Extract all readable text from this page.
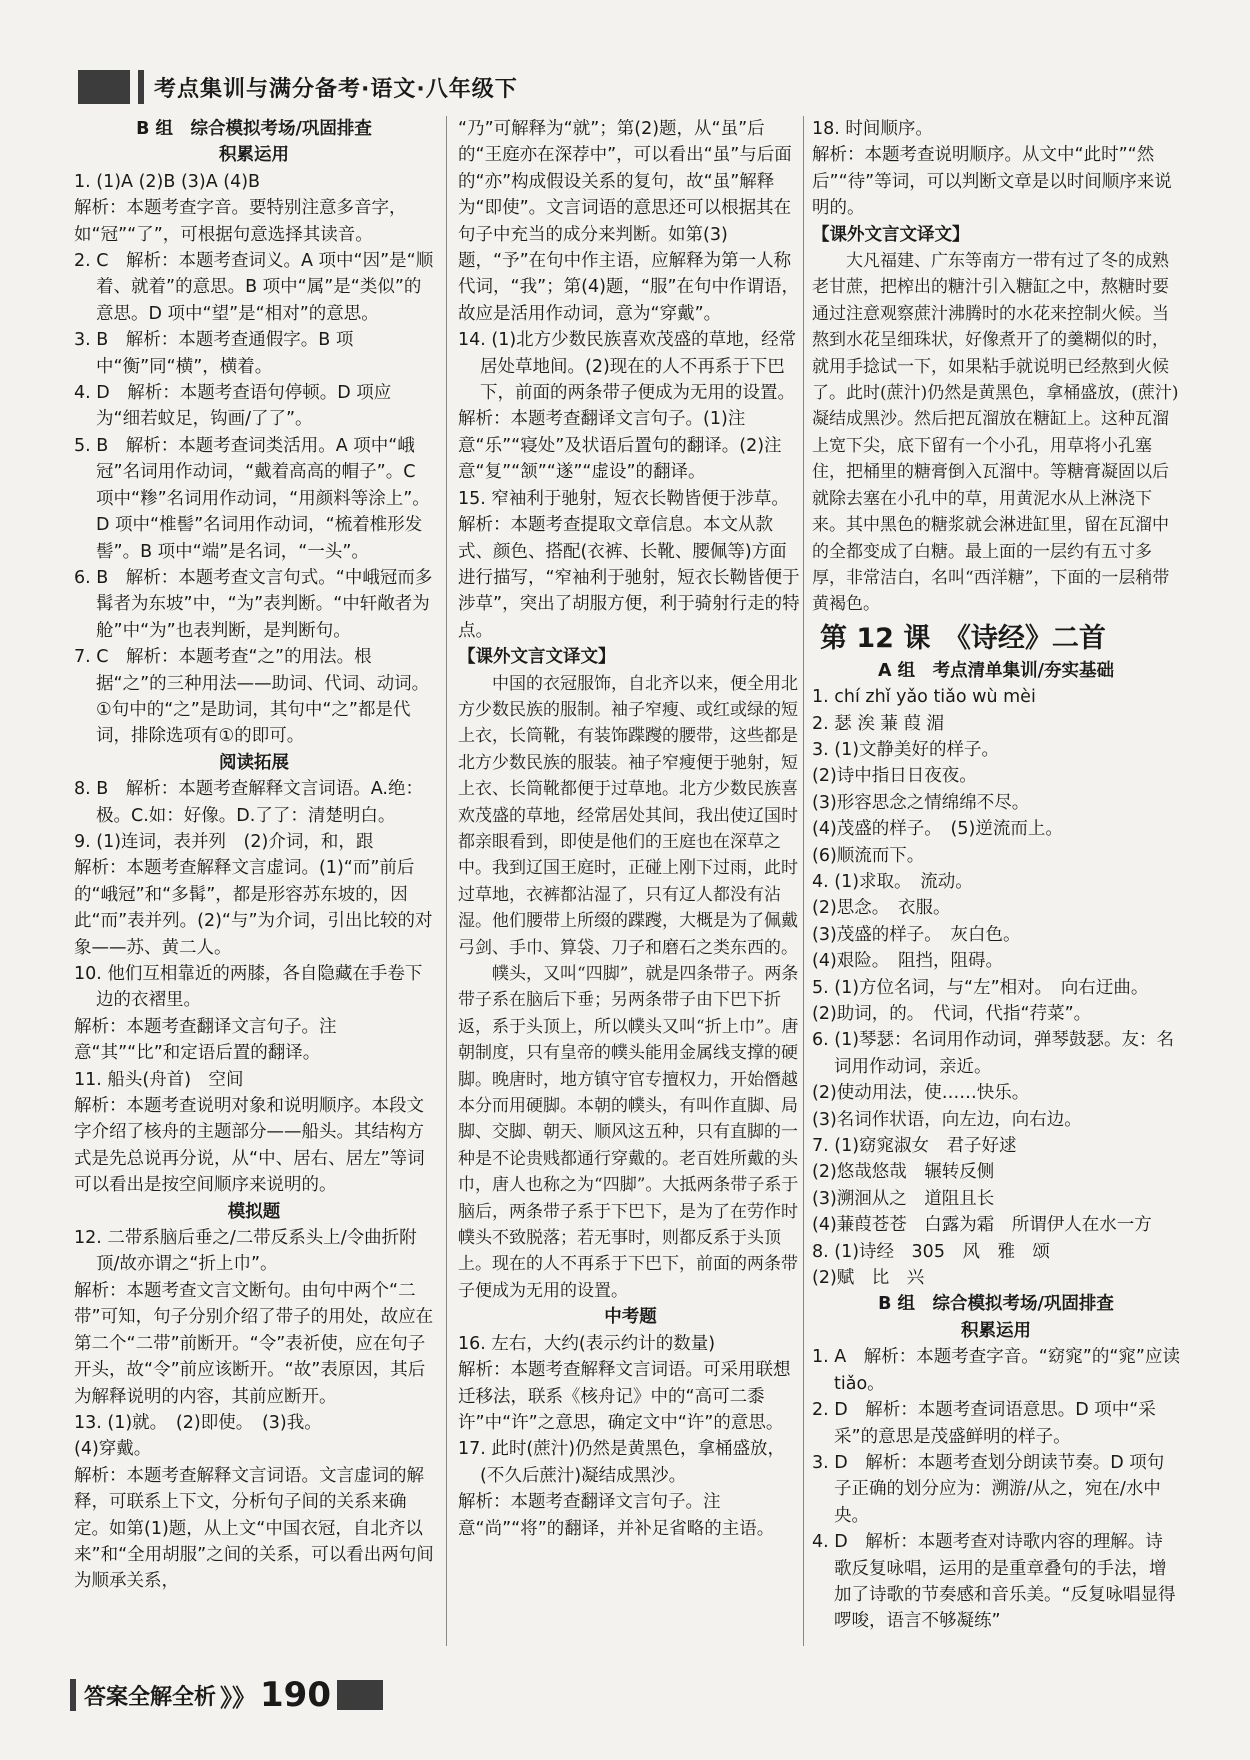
考点集训与满分备考·语文·八年级下
B 组　综合模拟考场/巩固排查
积累运用
1. (1)A (2)B (3)A (4)B
解析：本题考查字音。要特别注意多音字，如“冠”“了”，可根据句意选择其读音。
2. C　解析：本题考查词义。A 项中“因”是“顺着、就着”的意思。B 项中“属”是“类似”的意思。D 项中“望”是“相对”的意思。
3. B　解析：本题考查通假字。B 项中“衡”同“横”，横着。
4. D　解析：本题考查语句停顿。D 项应为“细若蚊足，钩画/了了”。
5. B　解析：本题考查词类活用。A 项中“峨冠”名词用作动词，“戴着高高的帽子”。C 项中“糁”名词用作动词，“用颜料等涂上”。D 项中“椎髻”名词用作动词，“梳着椎形发髻”。B 项中“端”是名词，“一头”。
6. B　解析：本题考查文言句式。“中峨冠而多髯者为东坡”中，“为”表判断。“中轩敞者为舱”中“为”也表判断，是判断句。
7. C　解析：本题考查“之”的用法。根据“之”的三种用法——助词、代词、动词。①句中的“之”是助词，其句中“之”都是代词，排除选项有①的即可。
阅读拓展
8. B　解析：本题考查解释文言词语。A.绝：极。C.如：好像。D.了了：清楚明白。
9. (1)连词，表并列　(2)介词，和，跟
解析：本题考查解释文言虚词。(1)“而”前后的“峨冠”和“多髯”，都是形容苏东坡的，因此“而”表并列。(2)“与”为介词，引出比较的对象——苏、黄二人。
10. 他们互相靠近的两膝，各自隐藏在手卷下边的衣褶里。
解析：本题考查翻译文言句子。注意“其”“比”和定语后置的翻译。
11. 船头(舟首)　空间
解析：本题考查说明对象和说明顺序。本段文字介绍了核舟的主题部分——船头。其结构方式是先总说再分说，从“中、居右、居左”等词可以看出是按空间顺序来说明的。
模拟题
12. 二带系脑后垂之/二带反系头上/令曲折附顶/故亦谓之“折上巾”。
解析：本题考查文言文断句。由句中两个“二带”可知，句子分别介绍了带子的用处，故应在第二个“二带”前断开。“令”表祈使，应在句子开头，故“令”前应该断开。“故”表原因，其后为解释说明的内容，其前应断开。
13. (1)就。　(2)即使。　(3)我。
(4)穿戴。
解析：本题考查解释文言词语。文言虚词的解释，可联系上下文，分析句子间的关系来确定。如第(1)题，从上文“中国衣冠，自北齐以来”和“全用胡服”之间的关系，可以看出两句间为顺承关系，
“乃”可解释为“就”；第(2)题，从“虽”后的“王庭亦在深荐中”，可以看出“虽”与后面的“亦”构成假设关系的复句，故“虽”解释为“即使”。文言词语的意思还可以根据其在句子中充当的成分来判断。如第(3)题，“予”在句中作主语，应解释为第一人称代词，“我”；第(4)题，“服”在句中作谓语，故应是活用作动词，意为“穿戴”。
14. (1)北方少数民族喜欢茂盛的草地，经常居处草地间。(2)现在的人不再系于下巴下，前面的两条带子便成为无用的设置。
解析：本题考查翻译文言句子。(1)注意“乐”“寝处”及状语后置句的翻译。(2)注意“复”“颔”“遂”“虚设”的翻译。
15. 窄袖利于驰射，短衣长靿皆便于涉草。
解析：本题考查提取文章信息。本文从款式、颜色、搭配(衣裤、长靴、腰佩等)方面进行描写，“窄袖利于驰射，短衣长靿皆便于涉草”，突出了胡服方便，利于骑射行走的特点。
【课外文言文译文】
中国的衣冠服饰，自北齐以来，便全用北方少数民族的服制。袖子窄瘦、或红或绿的短上衣，长筒靴，有装饰蹀躞的腰带，这些都是北方少数民族的服装。袖子窄瘦便于驰射，短上衣、长筒靴都便于过草地。北方少数民族喜欢茂盛的草地，经常居处其间，我出使辽国时都亲眼看到，即使是他们的王庭也在深草之中。我到辽国王庭时，正碰上刚下过雨，此时过草地，衣裤都沾湿了，只有辽人都没有沾湿。他们腰带上所缀的蹀躞，大概是为了佩戴弓剑、手巾、算袋、刀子和磨石之类东西的。
幞头，又叫“四脚”，就是四条带子。两条带子系在脑后下垂；另两条带子由下巴下折返，系于头顶上，所以幞头又叫“折上巾”。唐朝制度，只有皇帝的幞头能用金属线支撑的硬脚。晚唐时，地方镇守官专擅权力，开始僭越本分而用硬脚。本朝的幞头，有叫作直脚、局脚、交脚、朝天、顺风这五种，只有直脚的一种是不论贵贱都通行穿戴的。老百姓所戴的头巾，唐人也称之为“四脚”。大抵两条带子系于脑后，两条带子系于下巴下，是为了在劳作时幞头不致脱落；若无事时，则都反系于头顶上。现在的人不再系于下巴下，前面的两条带子便成为无用的设置。
中考题
16. 左右，大约(表示约计的数量)
解析：本题考查解释文言词语。可采用联想迁移法，联系《核舟记》中的“高可二黍许”中“许”之意思，确定文中“许”的意思。
17. 此时(蔗汁)仍然是黄黑色，拿桶盛放，(不久后蔗汁)凝结成黑沙。
解析：本题考查翻译文言句子。注意“尚”“将”的翻译，并补足省略的主语。
18. 时间顺序。
解析：本题考查说明顺序。从文中“此时”“然后”“待”等词，可以判断文章是以时间顺序来说明的。
【课外文言文译文】
大凡福建、广东等南方一带有过了冬的成熟老甘蔗，把榨出的糖汁引入糖缸之中，熬糖时要通过注意观察蔗汁沸腾时的水花来控制火候。当熬到水花呈细珠状，好像煮开了的羹糊似的时，就用手捻试一下，如果粘手就说明已经熬到火候了。此时(蔗汁)仍然是黄黑色，拿桶盛放，(蔗汁)凝结成黑沙。然后把瓦溜放在糖缸上。这种瓦溜上宽下尖，底下留有一个小孔，用草将小孔塞住，把桶里的糖膏倒入瓦溜中。等糖膏凝固以后就除去塞在小孔中的草，用黄泥水从上淋浇下来。其中黑色的糖浆就会淋进缸里，留在瓦溜中的全都变成了白糖。最上面的一层约有五寸多厚，非常洁白，名叫“西洋糖”，下面的一层稍带黄褐色。
第 12 课　《诗经》二首
A 组　考点清单集训/夯实基础
1. chí zhǐ yǎo tiǎo wù mèi
2. 瑟 涘 蒹 葭 湄
3. (1)文静美好的样子。
(2)诗中指日日夜夜。
(3)形容思念之情绵绵不尽。
(4)茂盛的样子。　(5)逆流而上。
(6)顺流而下。
4. (1)求取。　流动。
(2)思念。　衣服。
(3)茂盛的样子。　灰白色。
(4)艰险。　阻挡，阻碍。
5. (1)方位名词，与“左”相对。　向右迂曲。
(2)助词，的。　代词，代指“荇菜”。
6. (1)琴瑟：名词用作动词，弹琴鼓瑟。友：名词用作动词，亲近。
(2)使动用法，使……快乐。
(3)名词作状语，向左边，向右边。
7. (1)窈窕淑女　君子好逑
(2)悠哉悠哉　辗转反侧
(3)溯洄从之　道阻且长
(4)蒹葭苍苍　白露为霜　所谓伊人在水一方
8. (1)诗经　305　风　雅　颂
(2)赋　比　兴
B 组　综合模拟考场/巩固排查
积累运用
1. A　解析：本题考查字音。“窈窕”的“窕”应读 tiǎo。
2. D　解析：本题考查词语意思。D 项中“采采”的意思是茂盛鲜明的样子。
3. D　解析：本题考查划分朗读节奏。D 项句子正确的划分应为：溯游/从之，宛在/水中央。
4. D　解析：本题考查对诗歌内容的理解。诗歌反复咏唱，运用的是重章叠句的手法，增加了诗歌的节奏感和音乐美。“反复咏唱显得啰唆，语言不够凝练”
答案全解全析 》》 190
